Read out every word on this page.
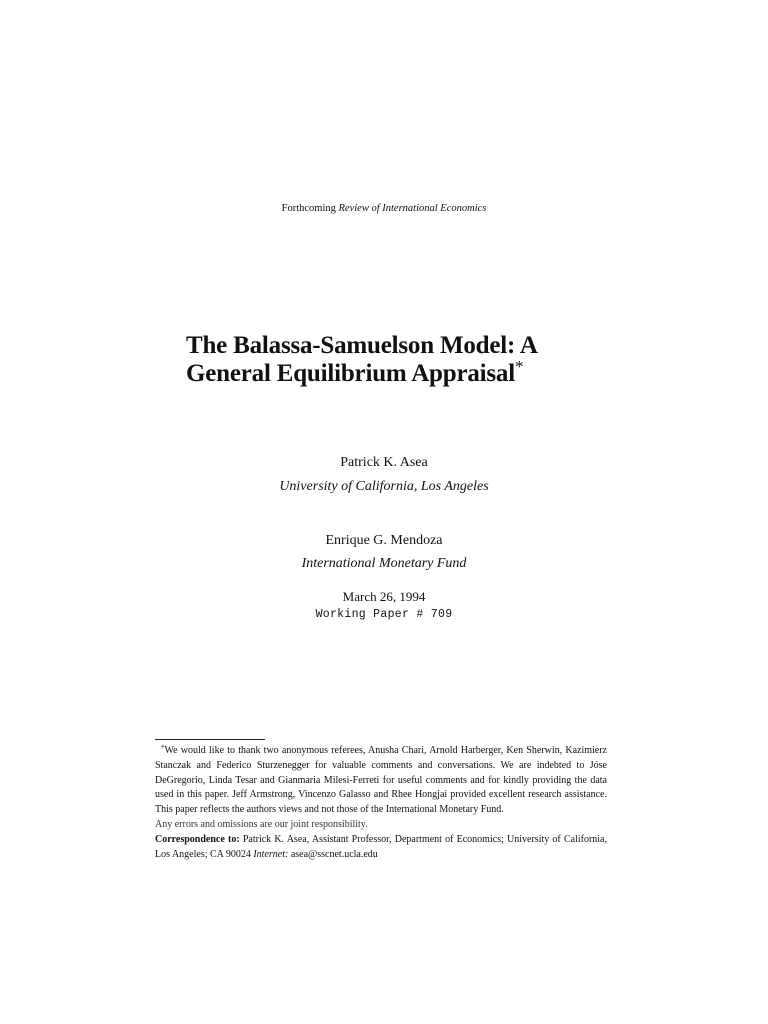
Forthcoming Review of International Economics
The Balassa-Samuelson Model: A
General Equilibrium Appraisal*
Patrick K. Asea
University of California, Los Angeles
Enrique G. Mendoza
International Monetary Fund
March 26, 1994
Working Paper # 709

*We would like to thank two anonymous referees, Anusha Chari, Arnold Harberger, Ken Sherwin, Kazimierz Stanczak and Federico Sturzenegger for valuable comments and conversations. We are indebted to Jóse DeGregorio, Linda Tesar and Gianmaria Milesi-Ferreti for useful comments and for kindly providing the data used in this paper. Jeff Armstrong, Vincenzo Galasso and Rhee Hongjai provided excellent research assistance. This paper reflects the authors views and not those of the International Monetary Fund.

Any errors and omissions are our joint responsibility.

Correspondence to: Patrick K. Asea, Assistant Professor, Department of Economics; University of California, Los Angeles; CA 90024 Internet: asea@sscnet.ucla.edu
